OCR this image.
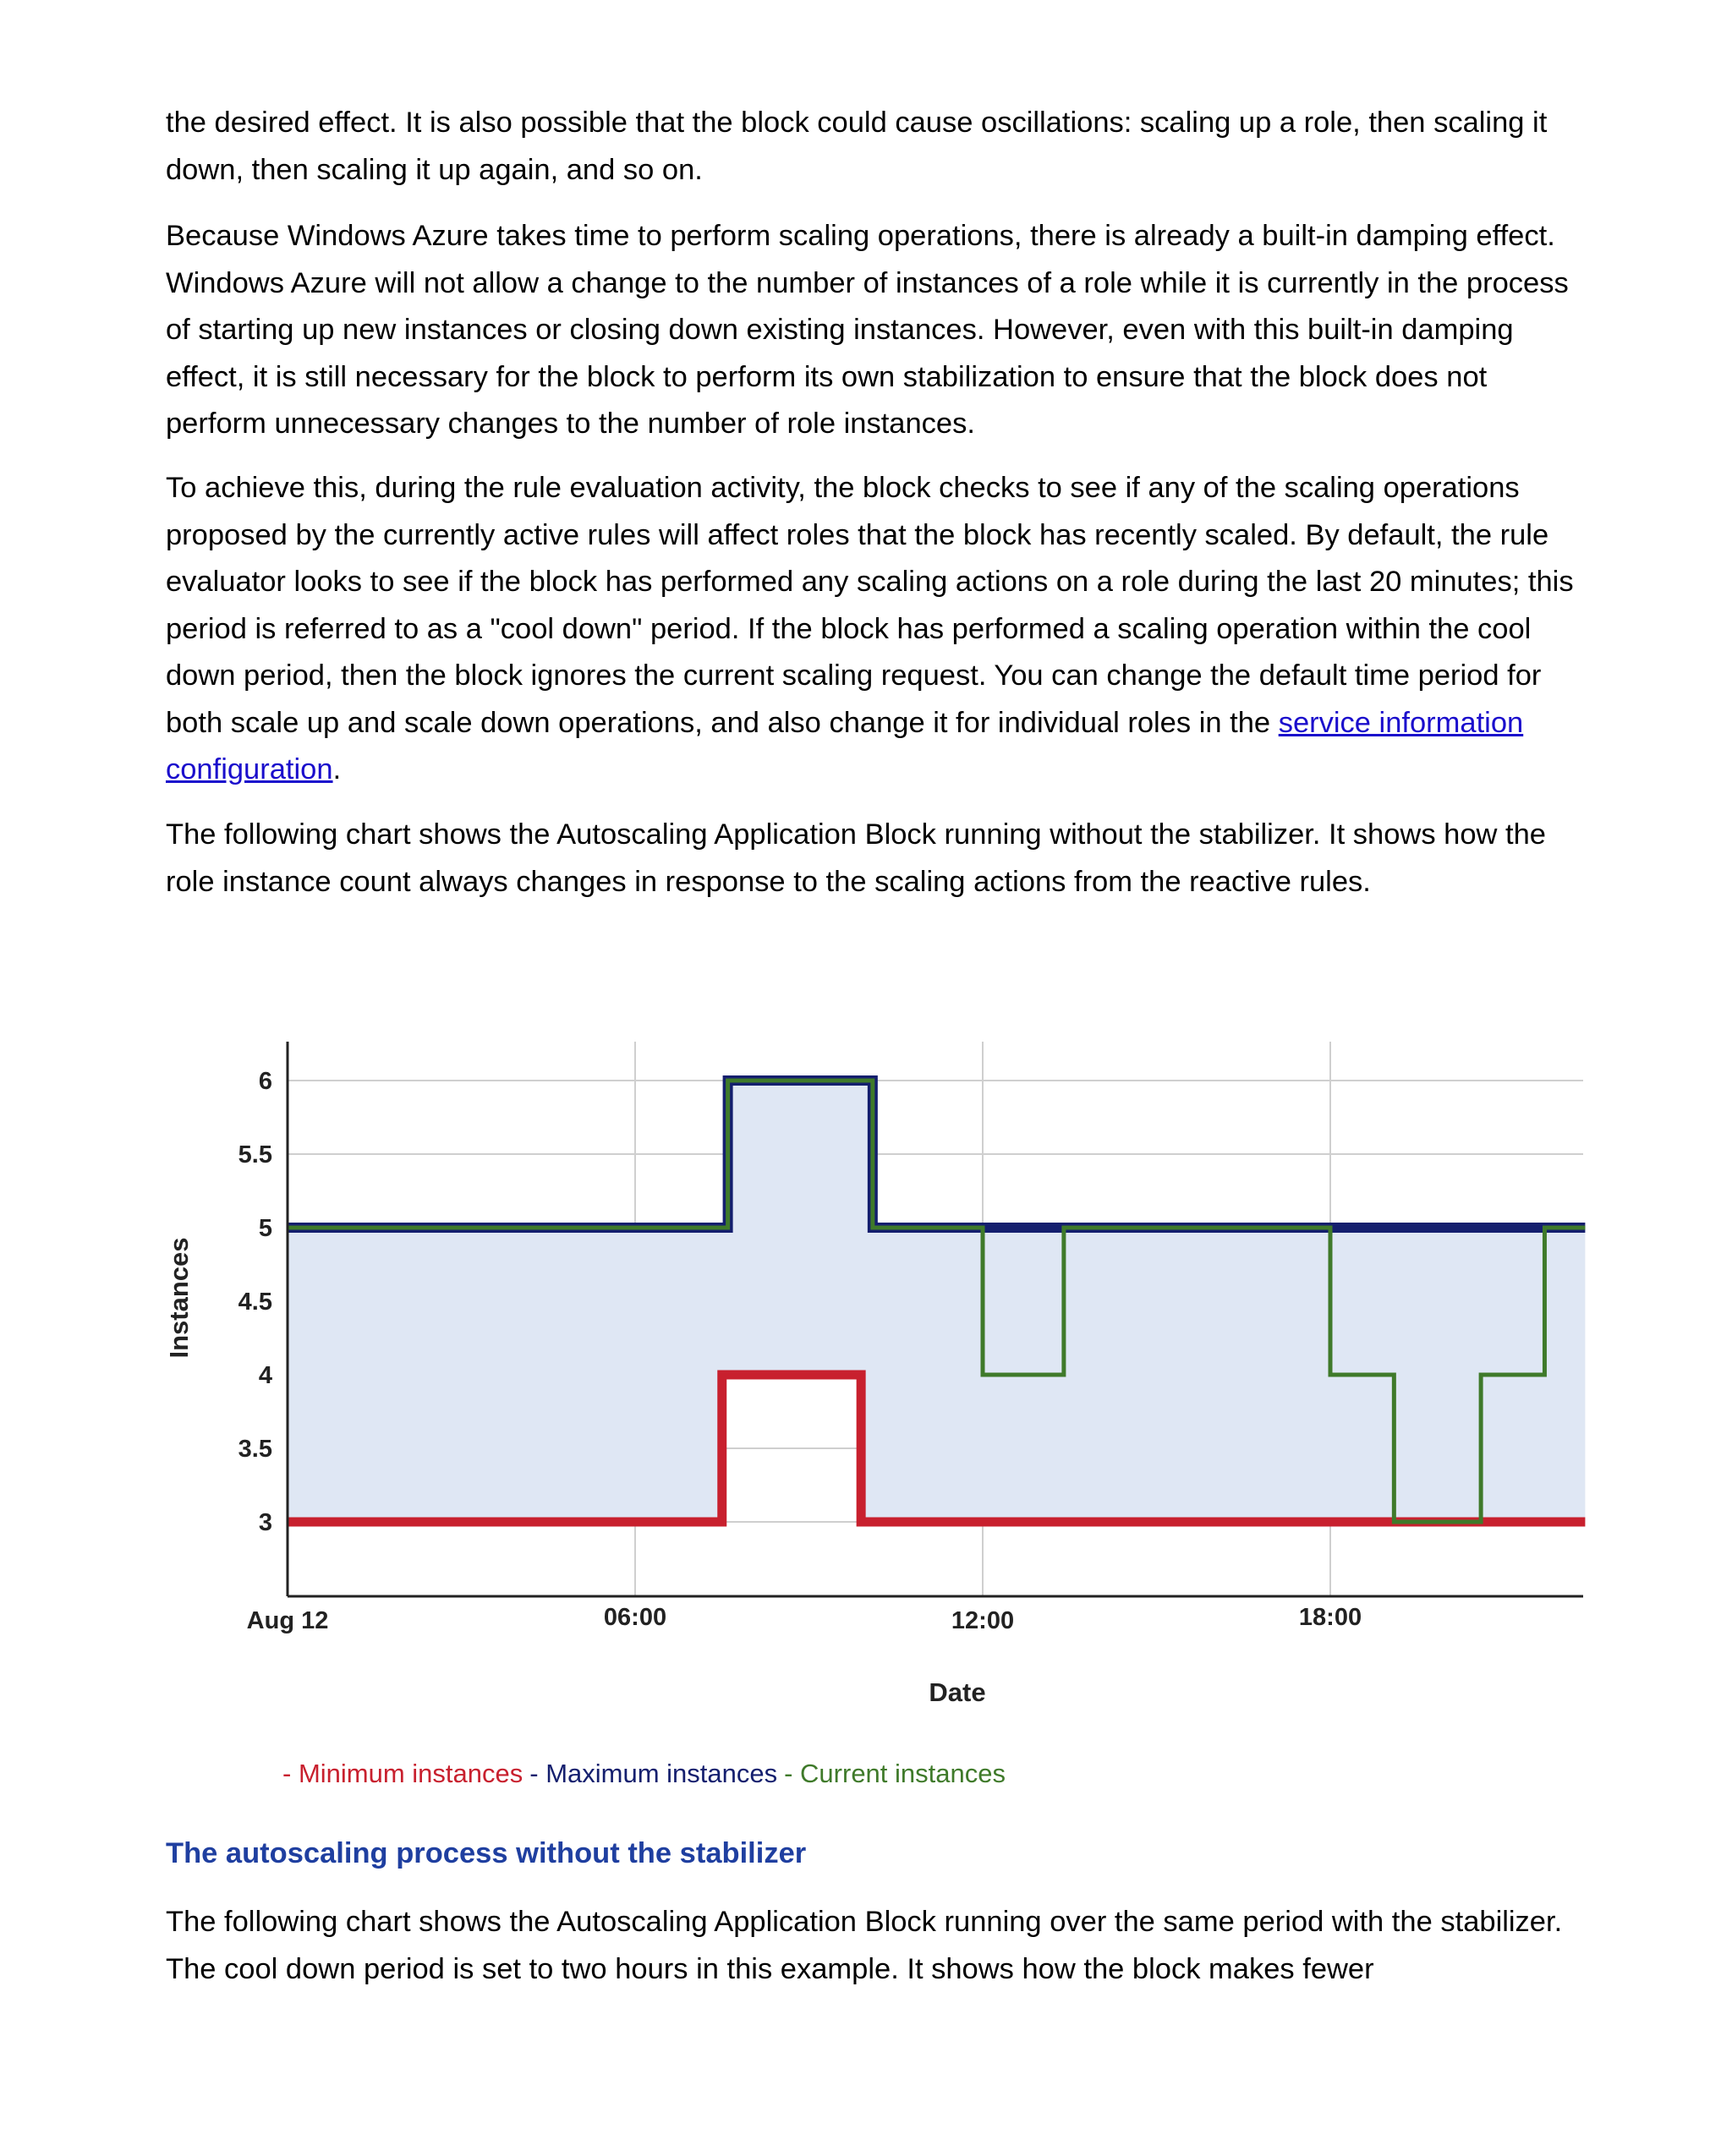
the desired effect. It is also possible that the block could cause oscillations: scaling up a role, then scaling it down, then scaling it up again, and so on.

Because Windows Azure takes time to perform scaling operations, there is already a built-in damping effect. Windows Azure will not allow a change to the number of instances of a role while it is currently in the process of starting up new instances or closing down existing instances. However, even with this built-in damping effect, it is still necessary for the block to perform its own stabilization to ensure that the block does not perform unnecessary changes to the number of role instances.

To achieve this, during the rule evaluation activity, the block checks to see if any of the scaling operations proposed by the currently active rules will affect roles that the block has recently scaled. By default, the rule evaluator looks to see if the block has performed any scaling actions on a role during the last 20 minutes; this period is referred to as a "cool down" period. If the block has performed a scaling operation within the cool down period, then the block ignores the current scaling request. You can change the default time period for both scale up and scale down operations, and also change it for individual roles in the service information configuration.

The following chart shows the Autoscaling Application Block running without the stabilizer. It shows how the role instance count always changes in response to the scaling actions from the reactive rules.

6
5.5
5
4.5
4
3.5
3
Aug 12	06:00	12:00	18:00
Date
Instances
- Minimum instances - Maximum instances - Current instances

The autoscaling process without the stabilizer

The following chart shows the Autoscaling Application Block running over the same period with the stabilizer. The cool down period is set to two hours in this example. It shows how the block makes fewer
